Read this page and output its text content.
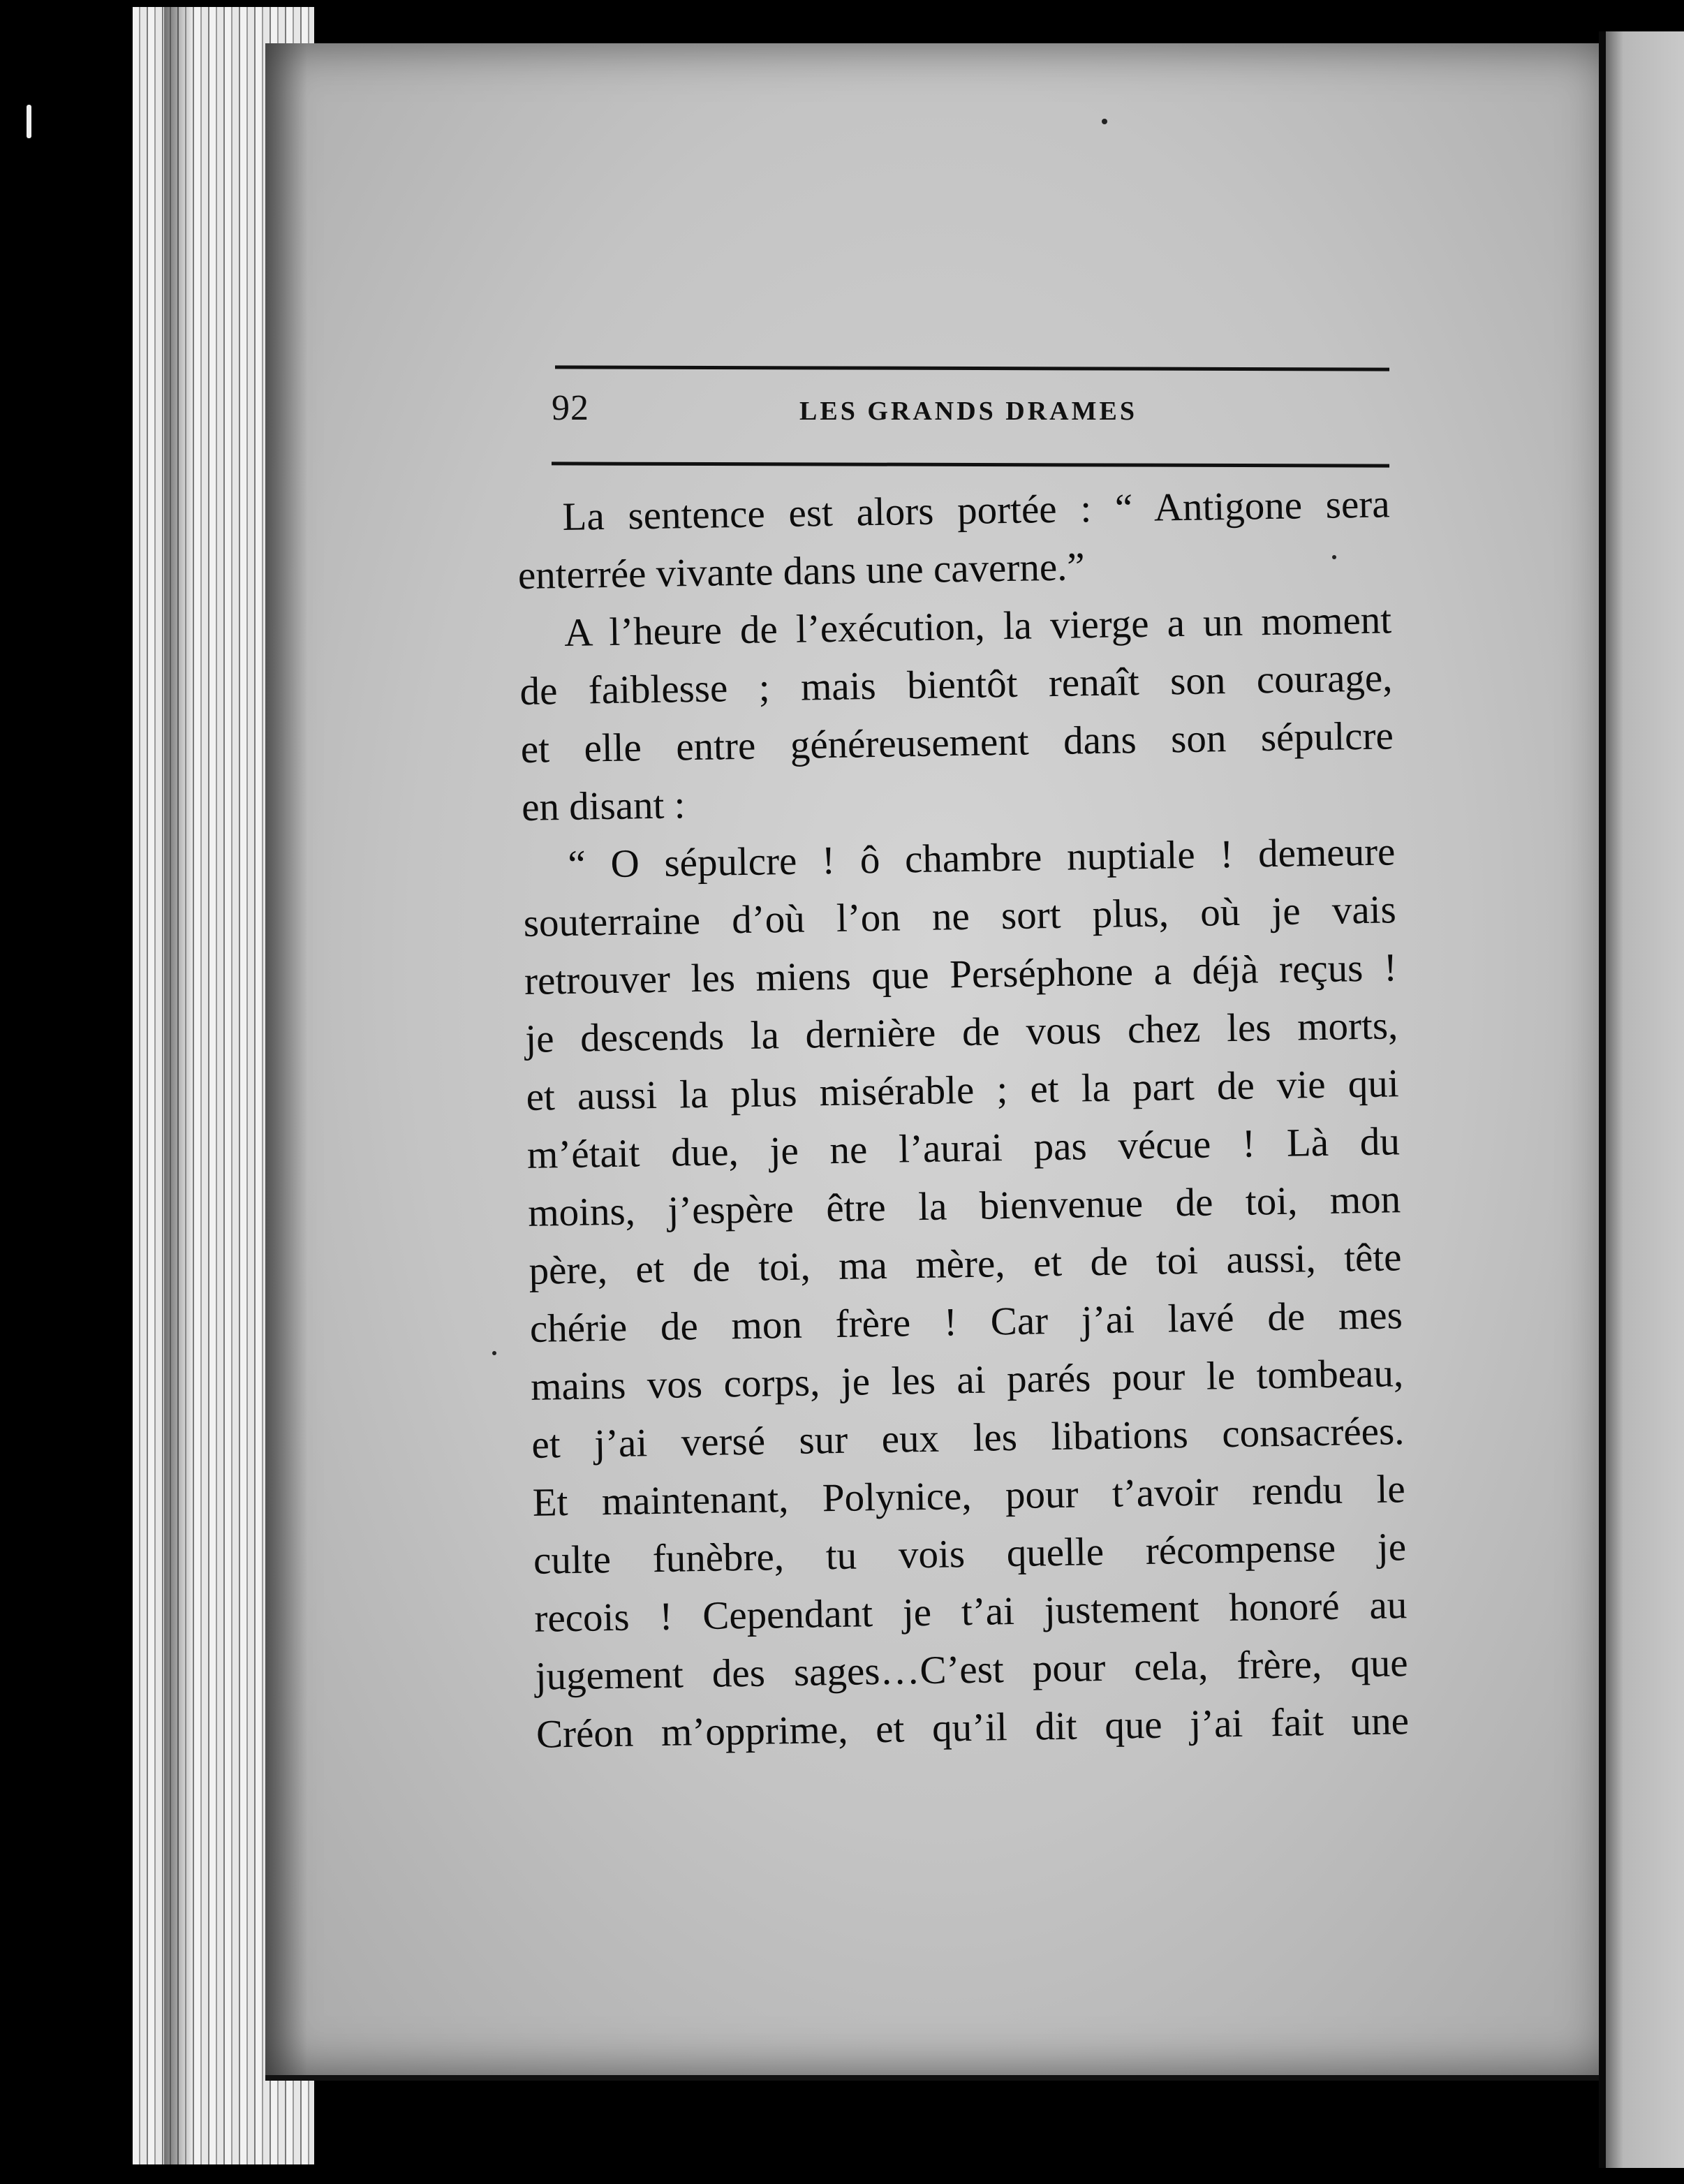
92	LES GRANDS DRAMES
La sentence est alors portée : “ Antigone sera
enterrée vivante dans une caverne.”
A l’heure de l’exécution, la vierge a un moment
de faiblesse ; mais bientôt renaît son courage,
et elle entre généreusement dans son sépulcre
en disant :
“ O sépulcre ! ô chambre nuptiale ! demeure
souterraine d’où l’on ne sort plus, où je vais
retrouver les miens que Perséphone a déjà reçus !
je descends la dernière de vous chez les morts,
et aussi la plus misérable ; et la part de vie qui
m’était due, je ne l’aurai pas vécue ! Là du
moins, j’espère être la bienvenue de toi, mon
père, et de toi, ma mère, et de toi aussi, tête
chérie de mon frère ! Car j’ai lavé de mes
mains vos corps, je les ai parés pour le tombeau,
et j’ai versé sur eux les libations consacrées.
Et maintenant, Polynice, pour t’avoir rendu le
culte funèbre, tu vois quelle récompense je
recois ! Cependant je t’ai justement honoré au
jugement des sages…C’est pour cela, frère, que
Créon m’opprime, et qu’il dit que j’ai fait une
